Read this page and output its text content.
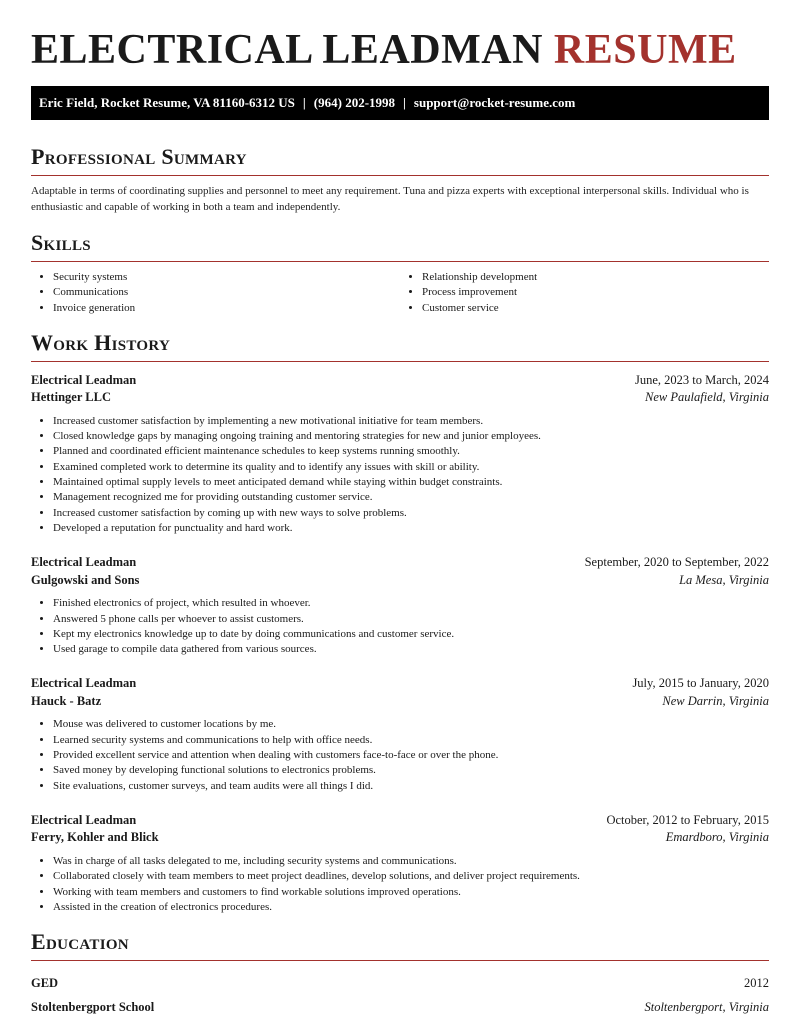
ELECTRICAL LEADMAN RESUME
Eric Field, Rocket Resume, VA 81160-6312 US | (964) 202-1998 | support@rocket-resume.com
Professional Summary

Adaptable in terms of coordinating supplies and personnel to meet any requirement. Tuna and pizza experts with exceptional interpersonal skills. Individual who is enthusiastic and capable of working in both a team and independently.

Skills
• Security systems
• Communications
• Invoice generation
• Relationship development
• Process improvement
• Customer service
Work History
Electrical Leadman	June, 2023 to March, 2024
Hettinger LLC	New Paulafield, Virginia
• Increased customer satisfaction by implementing a new motivational initiative for team members.
• Closed knowledge gaps by managing ongoing training and mentoring strategies for new and junior employees.
• Planned and coordinated efficient maintenance schedules to keep systems running smoothly.
• Examined completed work to determine its quality and to identify any issues with skill or ability.
• Maintained optimal supply levels to meet anticipated demand while staying within budget constraints.
• Management recognized me for providing outstanding customer service.
• Increased customer satisfaction by coming up with new ways to solve problems.
• Developed a reputation for punctuality and hard work.
Electrical Leadman	September, 2020 to September, 2022
Gulgowski and Sons	La Mesa, Virginia
• Finished electronics of project, which resulted in whoever.
• Answered 5 phone calls per whoever to assist customers.
• Kept my electronics knowledge up to date by doing communications and customer service.
• Used garage to compile data gathered from various sources.
Electrical Leadman	July, 2015 to January, 2020
Hauck - Batz	New Darrin, Virginia
• Mouse was delivered to customer locations by me.
• Learned security systems and communications to help with office needs.
• Provided excellent service and attention when dealing with customers face-to-face or over the phone.
• Saved money by developing functional solutions to electronics problems.
• Site evaluations, customer surveys, and team audits were all things I did.
Electrical Leadman	October, 2012 to February, 2015
Ferry, Kohler and Blick	Emardboro, Virginia
• Was in charge of all tasks delegated to me, including security systems and communications.
• Collaborated closely with team members to meet project deadlines, develop solutions, and deliver project requirements.
• Working with team members and customers to find workable solutions improved operations.
• Assisted in the creation of electronics procedures.
Education
GED	2012
Stoltenbergport School	Stoltenbergport, Virginia
